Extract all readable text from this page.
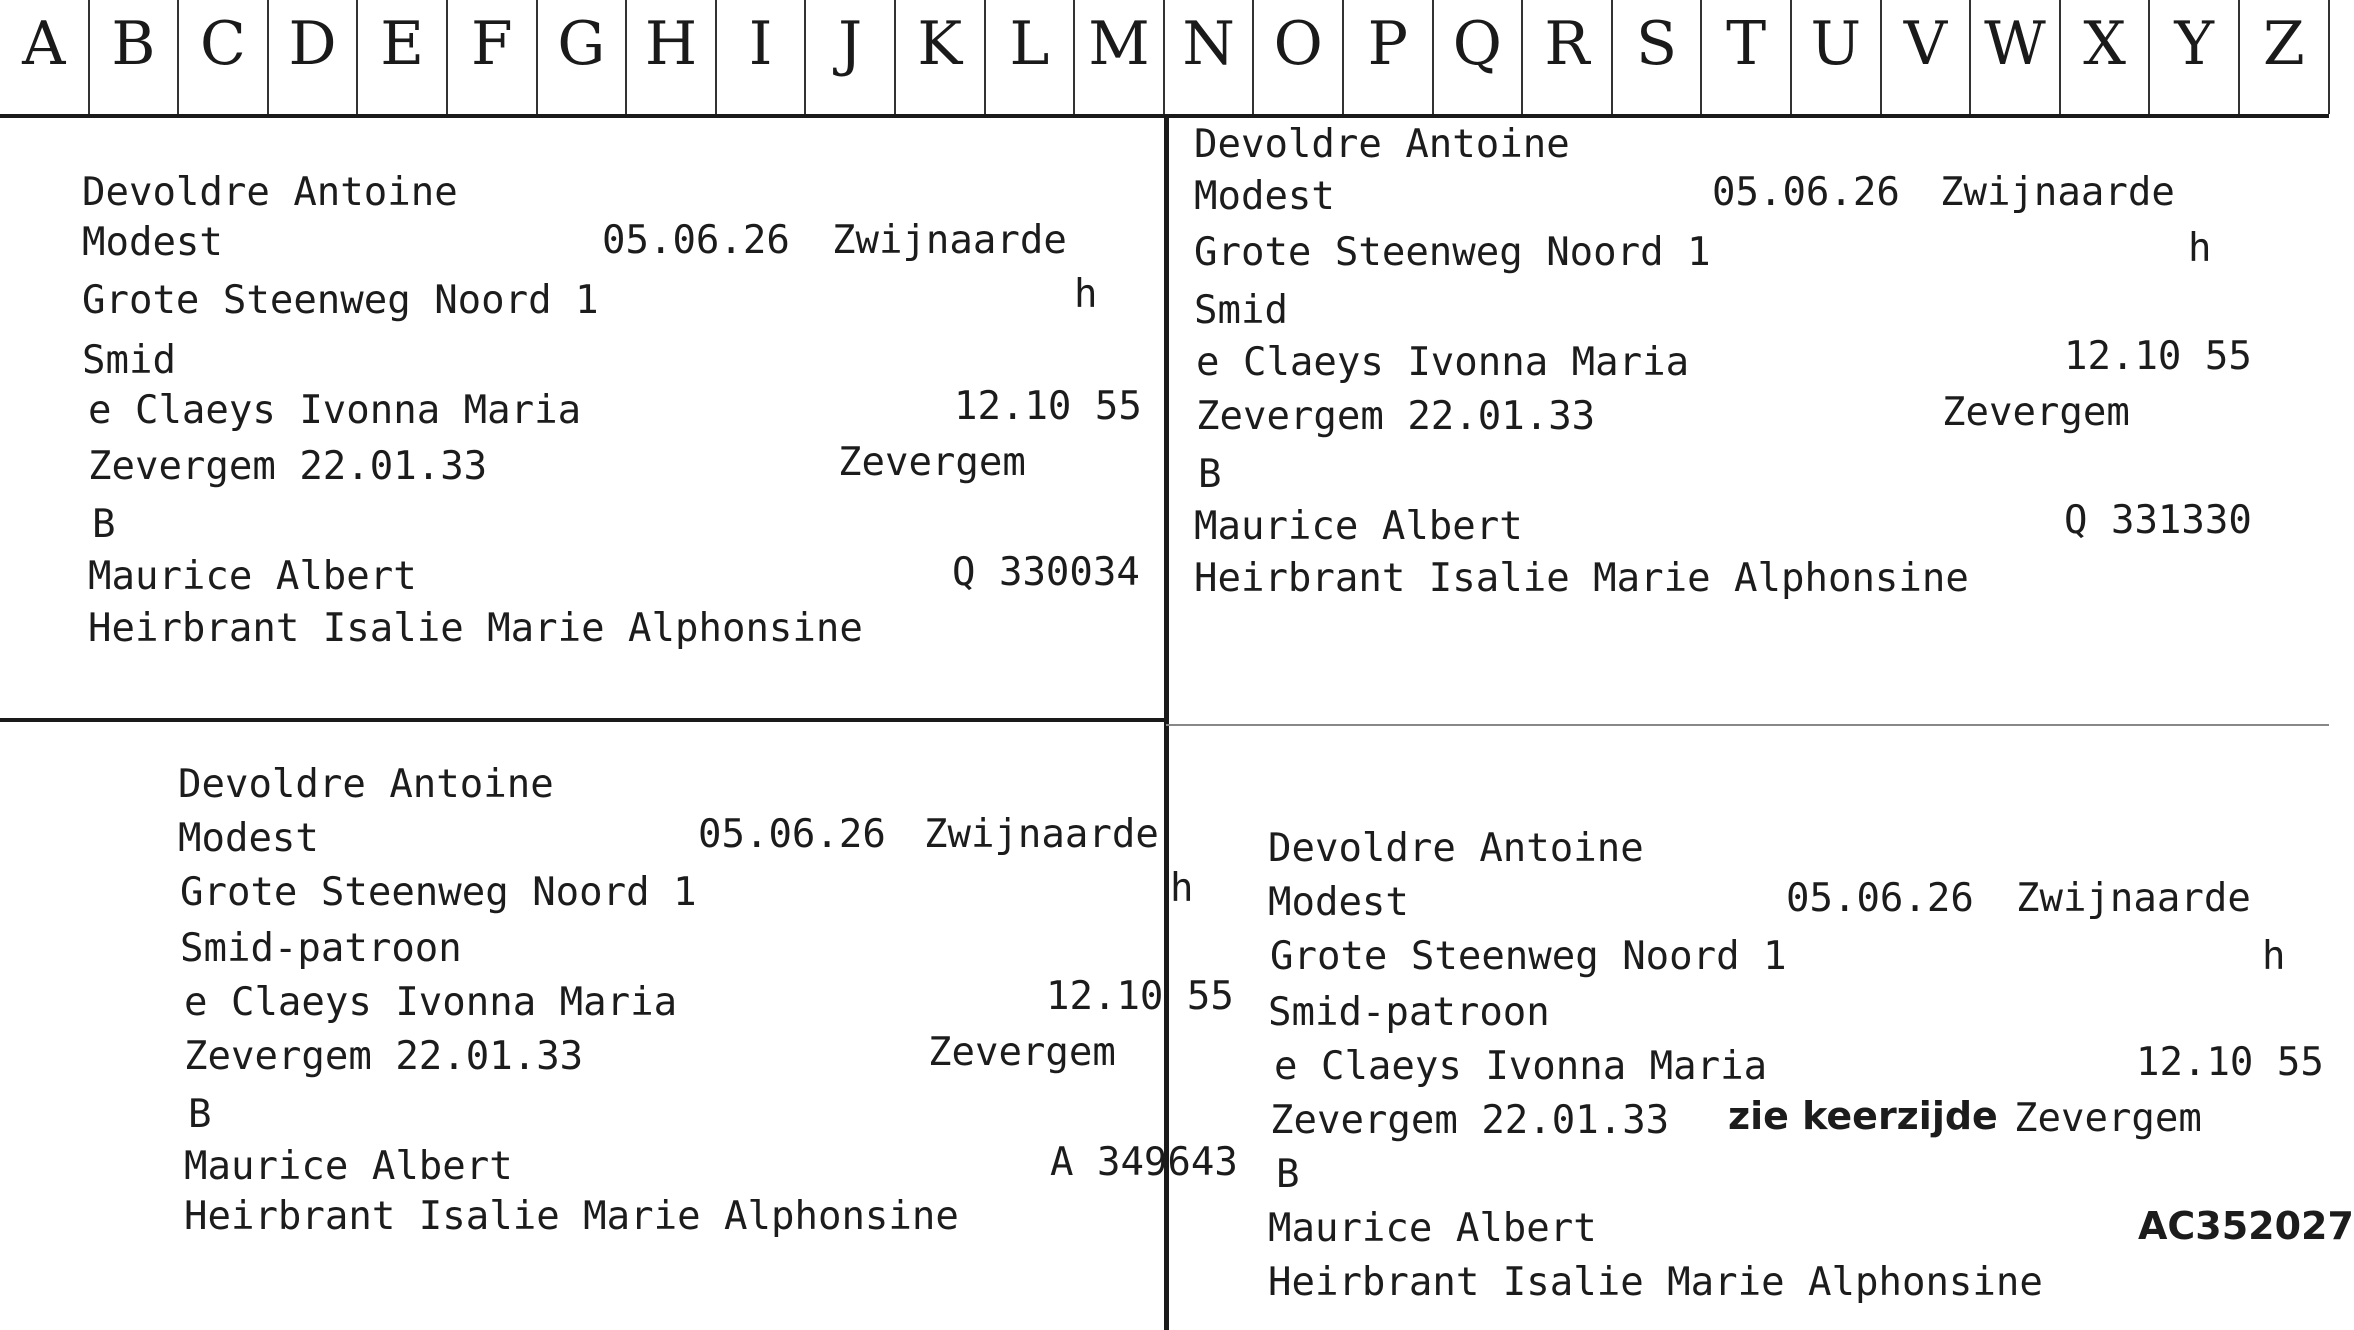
A B C D E F G H I	J K L M N O P Q R S T U V W X Y Z
Devoldre Antoine
Modest	05.06.26 Zwijnaarde
Grote Steenweg Noord 1	h
Smid
e Claeys Ivonna Maria	12.10 55
Zevergem 22.01.33	Zevergem
B
Maurice Albert	Q 330034
Heirbrant Isalie Marie Alphonsine
Devoldre Antoine
Modest	05.06.26 Zwijnaarde
Grote Steenweg Noord 1	h
Smid
e Claeys Ivonna Maria	12.10 55
Zevergem 22.01.33	Zevergem
B
Maurice Albert	Q 331330
Heirbrant Isalie Marie Alphonsine
Devoldre Antoine
Modest	05.06.26 Zwijnaarde
Grote Steenweg Noord 1	h
Smid-patroon
e Claeys Ivonna Maria	12.10 55
Zevergem 22.01.33	Zevergem
B
Maurice Albert	A 349643
Heirbrant Isalie Marie Alphonsine
Devoldre Antoine
Modest	05.06.26 Zwijnaarde
Grote Steenweg Noord 1	h
Smid-patroon
e Claeys Ivonna Maria	12.10 55
Zevergem 22.01.33 zie keerzijde Zevergem
B
Maurice Albert	AC352027
Heirbrant Isalie Marie Alphonsine
